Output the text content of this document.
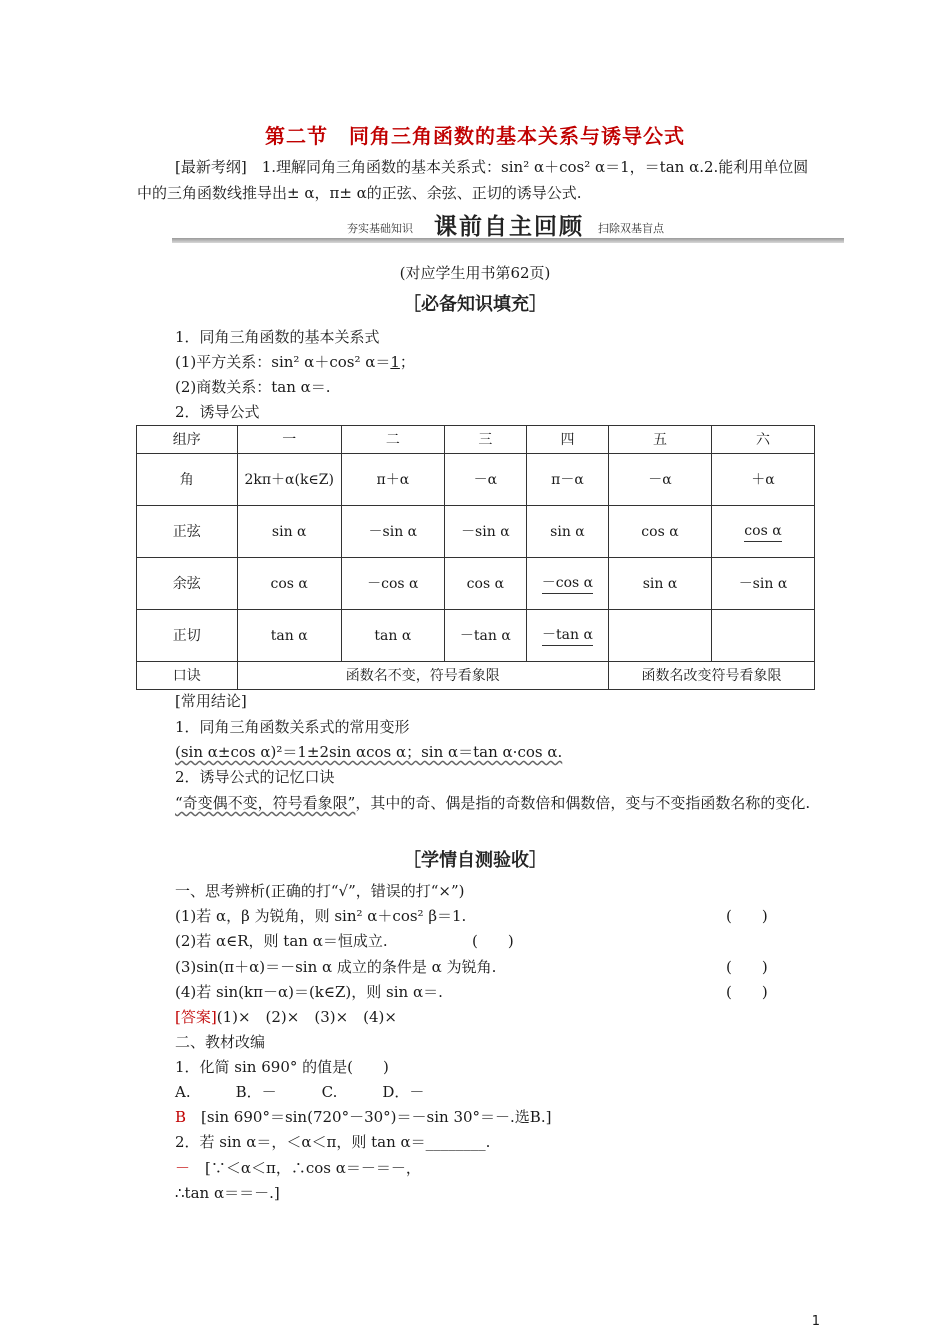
第二节　同角三角函数的基本关系与诱导公式
[最新考纲]　1.理解同角三角函数的基本关系式：sin² α＋cos² α＝1，＝tan α.2.能利用单位圆中的三角函数线推导出± α，π± α的正弦、余弦、正切的诱导公式.
夯实基础知识 课前自主回顾 扫除双基盲点
(对应学生用书第62页)
［必备知识填充］
1．同角三角函数的基本关系式
(1)平方关系：sin² α＋cos² α＝1；
(2)商数关系：tan α＝.
2．诱导公式
组序	一	二	三	四	五	六
角	2kπ＋α(k∈Z)	π＋α	－α	π－α	－α	＋α
正弦	sin α	－sin α	－sin α	sin α	cos α	cos α
余弦	cos α	－cos α	cos α	－cos α	sin α	－sin α
正切	tan α	tan α	－tan α	－tan α		
口诀	函数名不变，符号看象限				函数名改变符号看象限	
[常用结论]
1．同角三角函数关系式的常用变形
(sin α±cos α)²＝1±2sin αcos α；sin α＝tan α·cos α.
2．诱导公式的记忆口诀
“奇变偶不变，符号看象限”，其中的奇、偶是指的奇数倍和偶数倍，变与不变指函数名称的变化.
［学情自测验收］
一、思考辨析(正确的打“√”，错误的打“×”)
(1)若 α，β 为锐角，则 sin² α＋cos² β＝1.	(　　)
(2)若 α∈R，则 tan α＝恒成立.	(　　)
(3)sin(π＋α)＝－sin α 成立的条件是 α 为锐角.	(　　)
(4)若 sin(kπ－α)＝(k∈Z)，则 sin α＝.	(　　)
[答案](1)×　(2)×　(3)×　(4)×
二、教材改编
1．化简 sin 690° 的值是(　　)
A.　　　B．－　　　C.　　　D．－
B　[sin 690°＝sin(720°－30°)＝－sin 30°＝－.选B.]
2．若 sin α＝，＜α＜π，则 tan α＝________.
－　[∵＜α＜π，∴cos α＝－＝－，
∴tan α＝＝－.]
1
